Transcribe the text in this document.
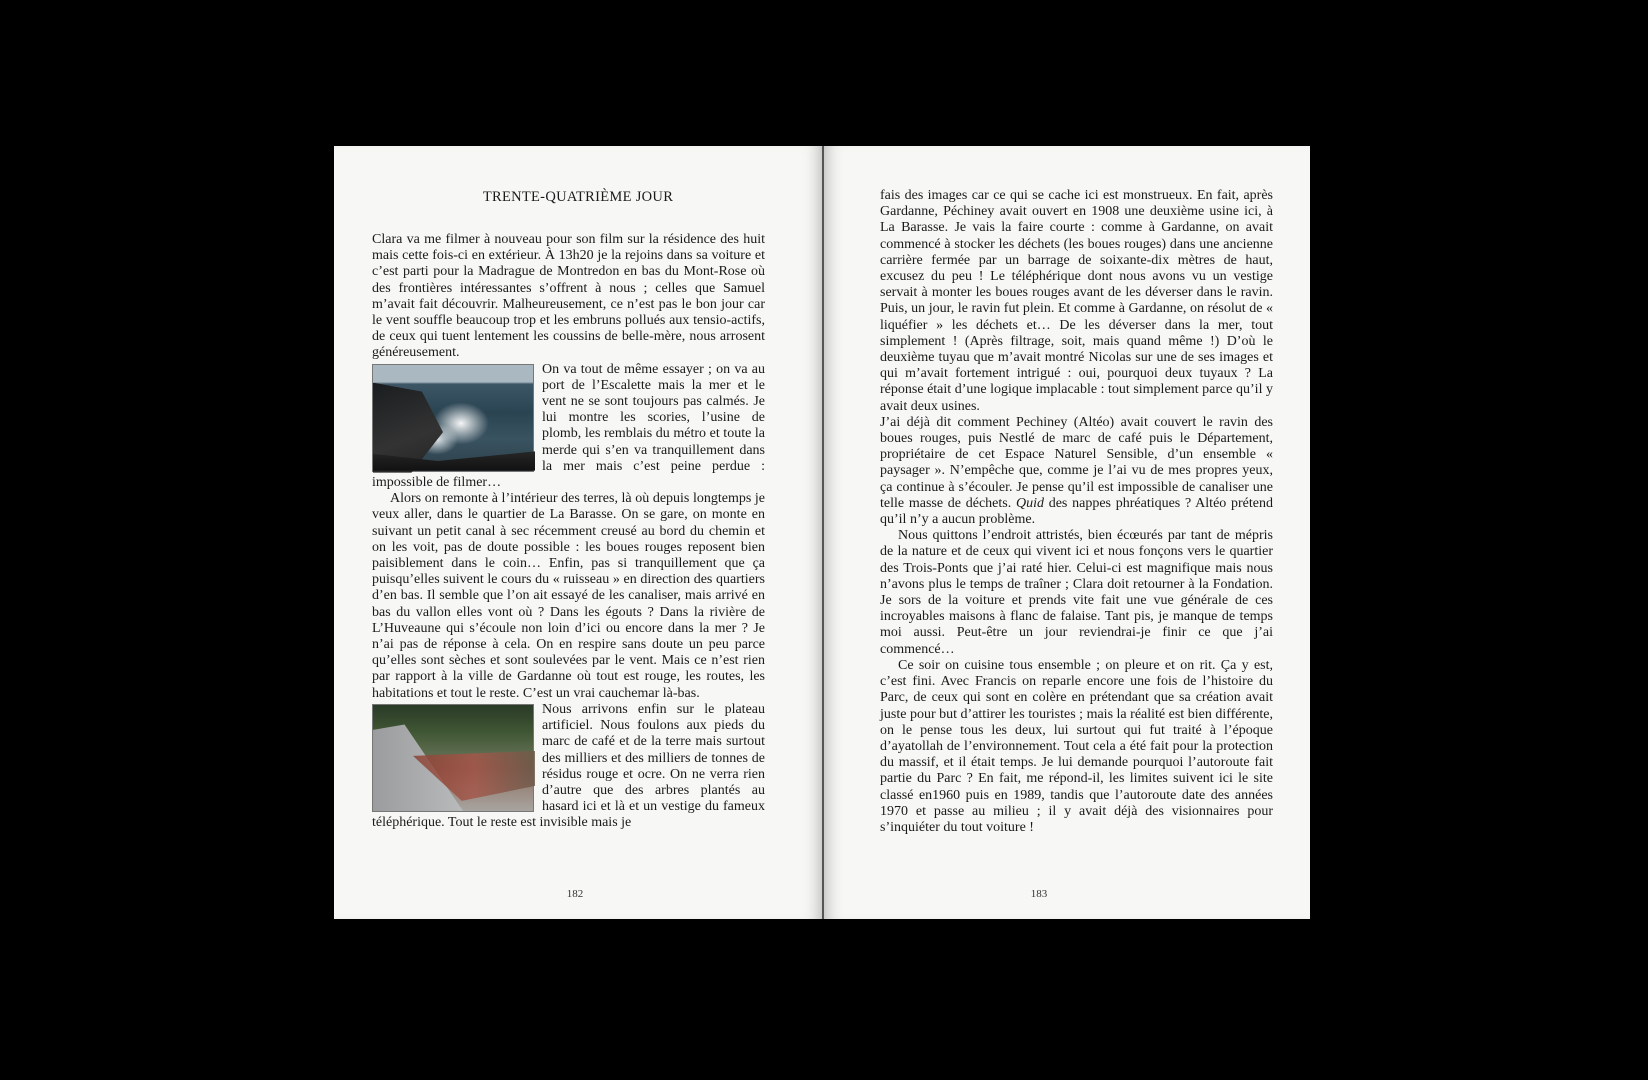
TRENTE-QUATRIÈME JOUR

Clara va me filmer à nouveau pour son film sur la résidence des huit mais cette fois-ci en extérieur. À 13h20 je la rejoins dans sa voiture et c’est parti pour la Madrague de Montredon en bas du Mont-Rose où des frontières intéressantes s’offrent à nous ; celles que Samuel m’avait fait découvrir. Malheureusement, ce n’est pas le bon jour car le vent souffle beaucoup trop et les embruns pollués aux tensio-actifs, de ceux qui tuent lentement les coussins de belle-mère, nous arrosent généreusement.

On va tout de même essayer ; on va au port de l’Escalette mais la mer et le vent ne se sont toujours pas calmés. Je lui montre les scories, l’usine de plomb, les remblais du métro et toute la merde qui s’en va tranquillement dans la mer mais c’est peine perdue : impossible de filmer…

Alors on remonte à l’intérieur des terres, là où depuis longtemps je veux aller, dans le quartier de La Barasse. On se gare, on monte en suivant un petit canal à sec récemment creusé au bord du chemin et on les voit, pas de doute possible : les boues rouges reposent bien paisiblement dans le coin… Enfin, pas si tranquillement que ça puisqu’elles suivent le cours du « ruisseau » en direction des quartiers d’en bas. Il semble que l’on ait essayé de les canaliser, mais arrivé en bas du vallon elles vont où ? Dans les égouts ? Dans la rivière de L’Huveaune qui s’écoule non loin d’ici ou encore dans la mer ? Je n’ai pas de réponse à cela. On en respire sans doute un peu parce qu’elles sont sèches et sont soulevées par le vent. Mais ce n’est rien par rapport à la ville de Gardanne où tout est rouge, les routes, les habitations et tout le reste. C’est un vrai cauchemar là-bas.

Nous arrivons enfin sur le plateau artificiel. Nous foulons aux pieds du marc de café et de la terre mais surtout des milliers et des milliers de tonnes de résidus rouge et ocre. On ne verra rien d’autre que des arbres plantés au hasard ici et là et un vestige du fameux téléphérique. Tout le reste est invisible mais je

182

fais des images car ce qui se cache ici est monstrueux. En fait, après Gardanne, Péchiney avait ouvert en 1908 une deuxième usine ici, à La Barasse. Je vais la faire courte : comme à Gardanne, on avait commencé à stocker les déchets (les boues rouges) dans une ancienne carrière fermée par un barrage de soixante-dix mètres de haut, excusez du peu ! Le téléphérique dont nous avons vu un vestige servait à monter les boues rouges avant de les déverser dans le ravin. Puis, un jour, le ravin fut plein. Et comme à Gardanne, on résolut de « liquéfier » les déchets et… De les déverser dans la mer, tout simplement ! (Après filtrage, soit, mais quand même !) D’où le deuxième tuyau que m’avait montré Nicolas sur une de ses images et qui m’avait fortement intrigué : oui, pourquoi deux tuyaux ? La réponse était d’une logique implacable : tout simplement parce qu’il y avait deux usines.

J’ai déjà dit comment Pechiney (Altéo) avait couvert le ravin des boues rouges, puis Nestlé de marc de café puis le Département, propriétaire de cet Espace Naturel Sensible, d’un ensemble « paysager ». N’empêche que, comme je l’ai vu de mes propres yeux, ça continue à s’écouler. Je pense qu’il est impossible de canaliser une telle masse de déchets. Quid des nappes phréatiques ? Altéo prétend qu’il n’y a aucun problème.

Nous quittons l’endroit attristés, bien écœurés par tant de mépris de la nature et de ceux qui vivent ici et nous fonçons vers le quartier des Trois-Ponts que j’ai raté hier. Celui-ci est magnifique mais nous n’avons plus le temps de traîner ; Clara doit retourner à la Fondation. Je sors de la voiture et prends vite fait une vue générale de ces incroyables maisons à flanc de falaise. Tant pis, je manque de temps moi aussi. Peut-être un jour reviendrai-je finir ce que j’ai commencé…

Ce soir on cuisine tous ensemble ; on pleure et on rit. Ça y est, c’est fini. Avec Francis on reparle encore une fois de l’histoire du Parc, de ceux qui sont en colère en prétendant que sa création avait juste pour but d’attirer les touristes ; mais la réalité est bien différente, on le pense tous les deux, lui surtout qui fut traité à l’époque d’ayatollah de l’environnement. Tout cela a été fait pour la protection du massif, et il était temps. Je lui demande pourquoi l’autoroute fait partie du Parc ? En fait, me répond-il, les limites suivent ici le site classé en1960 puis en 1989, tandis que l’autoroute date des années 1970 et passe au milieu ; il y avait déjà des visionnaires pour s’inquiéter du tout voiture !

183
